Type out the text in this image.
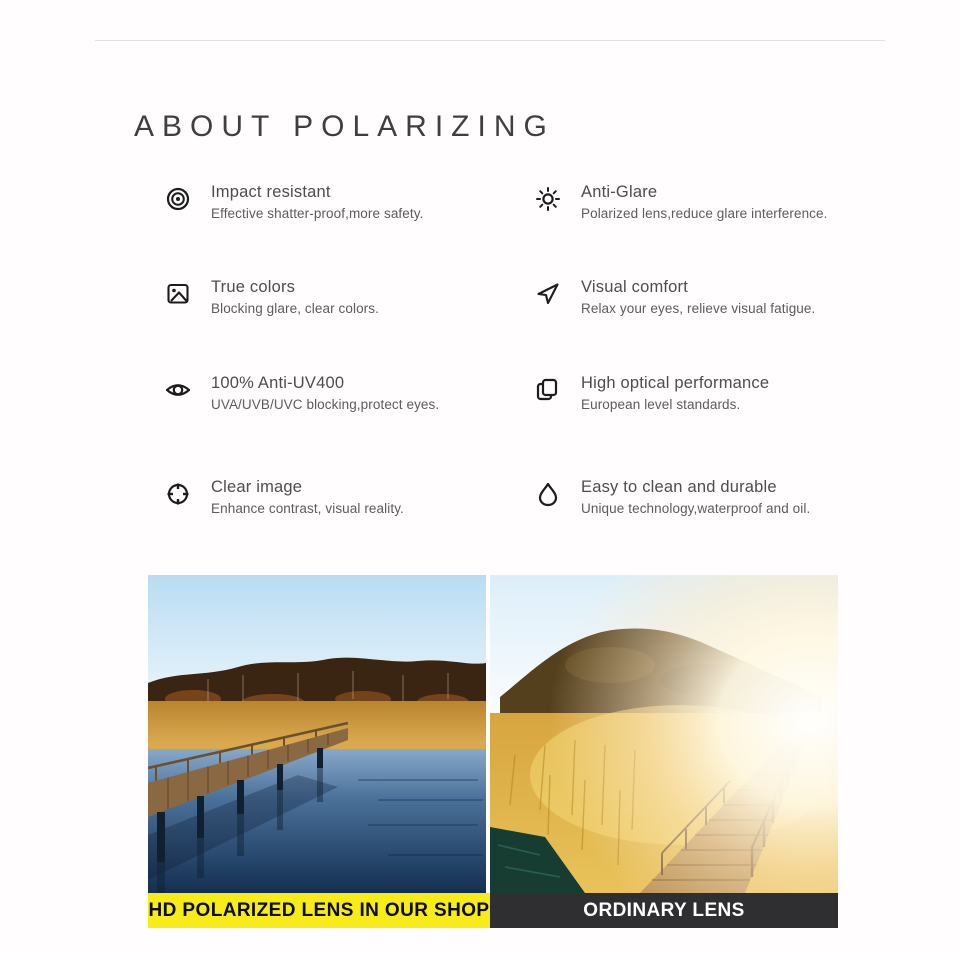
ABOUT POLARIZING
Impact resistant
Effective shatter-proof,more safety.
True colors
Blocking glare, clear colors.
100% Anti-UV400
UVA/UVB/UVC blocking,protect eyes.
Clear image
Enhance contrast, visual reality.
Anti-Glare
Polarized lens,reduce glare interference.
Visual comfort
Relax your eyes, relieve visual fatigue.
High optical performance
European level standards.
Easy to clean and durable
Unique technology,waterproof and oil.
HD POLARIZED LENS IN OUR SHOP	ORDINARY LENS
